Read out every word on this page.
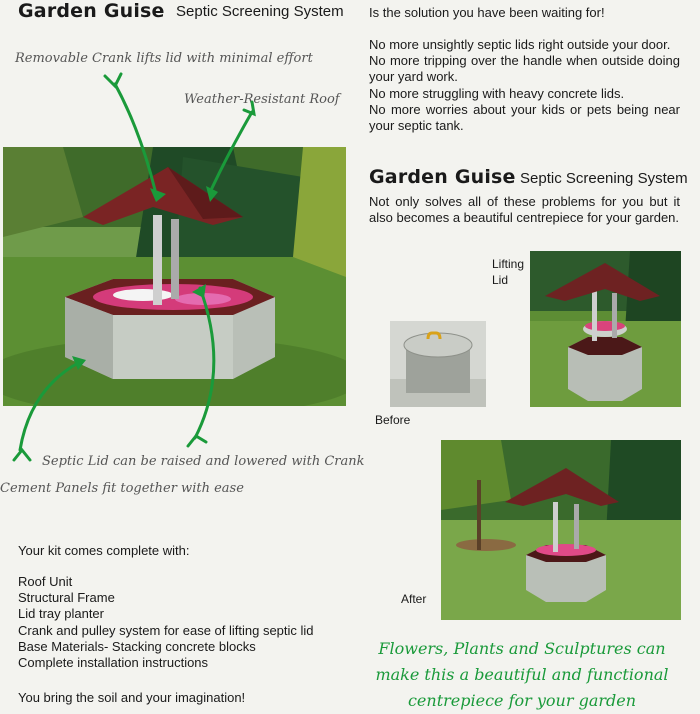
Garden Guise Septic Screening System Is the solution you have been waiting for!
No more unsightly septic lids right outside your door.
No more tripping over the handle when outside doing your yard work.
No more struggling with heavy concrete lids.
No more worries about your kids or pets being near your septic tank.
Garden Guise Septic Screening System
Not only solves all of these problems for you but it also becomes a beautiful centrepiece for your garden.
Removable Crank lifts lid with minimal effort
Weather-Resistant Roof
Septic Lid can be raised and lowered with Crank
Cement Panels fit together with ease
Lifting
Lid
Before
After
Your kit comes complete with:
Roof Unit
Structural Frame
Lid tray planter
Crank and pulley system for ease of lifting septic lid
Base Materials- Stacking concrete blocks
Complete installation instructions
You bring the soil and your imagination!
Flowers, Plants and Sculptures can
make this a beautiful and functional
centrepiece for your garden
